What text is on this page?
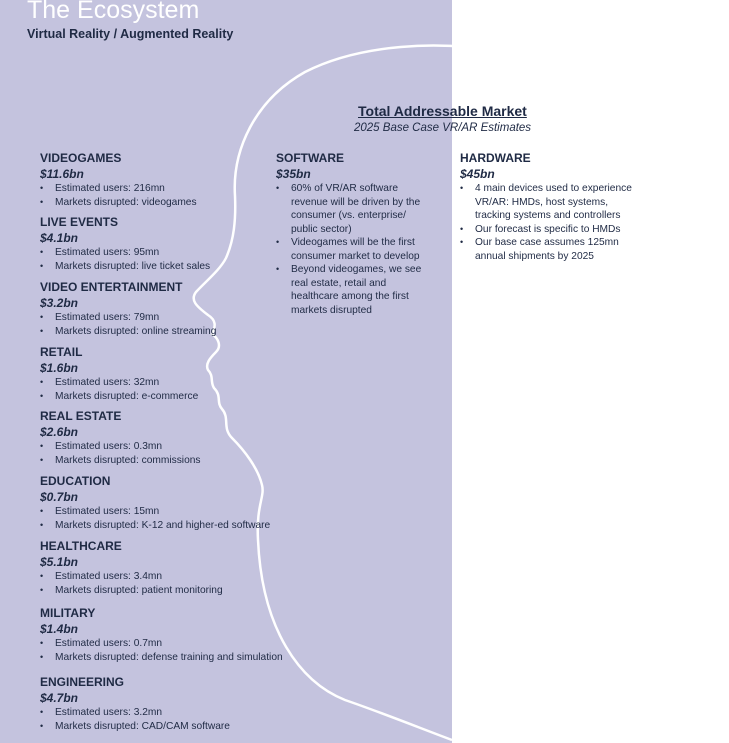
The Ecosystem
Virtual Reality / Augmented Reality
Total Addressable Market
2025 Base Case VR/AR Estimates

VIDEOGAMES

$11.6bn

• Estimated users: 216mn
• Markets disrupted: videogames

LIVE EVENTS

$4.1bn

• Estimated users: 95mn
• Markets disrupted: live ticket sales

VIDEO ENTERTAINMENT

$3.2bn

• Estimated users: 79mn
• Markets disrupted: online streaming

RETAIL

$1.6bn

• Estimated users: 32mn
• Markets disrupted: e-commerce

REAL ESTATE

$2.6bn

• Estimated users: 0.3mn
• Markets disrupted: commissions

EDUCATION

$0.7bn

• Estimated users: 15mn
• Markets disrupted: K-12 and higher-ed software

HEALTHCARE

$5.1bn

• Estimated users: 3.4mn
• Markets disrupted: patient monitoring

MILITARY

$1.4bn

• Estimated users: 0.7mn
• Markets disrupted: defense training and simulation

ENGINEERING

$4.7bn

• Estimated users: 3.2mn
• Markets disrupted: CAD/CAM software

SOFTWARE

$35bn

• 60% of VR/AR software revenue will be driven by the consumer (vs. enterprise/ public sector)
• Videogames will be the first consumer market to develop
• Beyond videogames, we see real estate, retail and healthcare among the first markets disrupted

HARDWARE

$45bn

• 4 main devices used to experience VR/AR: HMDs, host systems, tracking systems and controllers
• Our forecast is specific to HMDs
• Our base case assumes 125mn annual shipments by 2025
